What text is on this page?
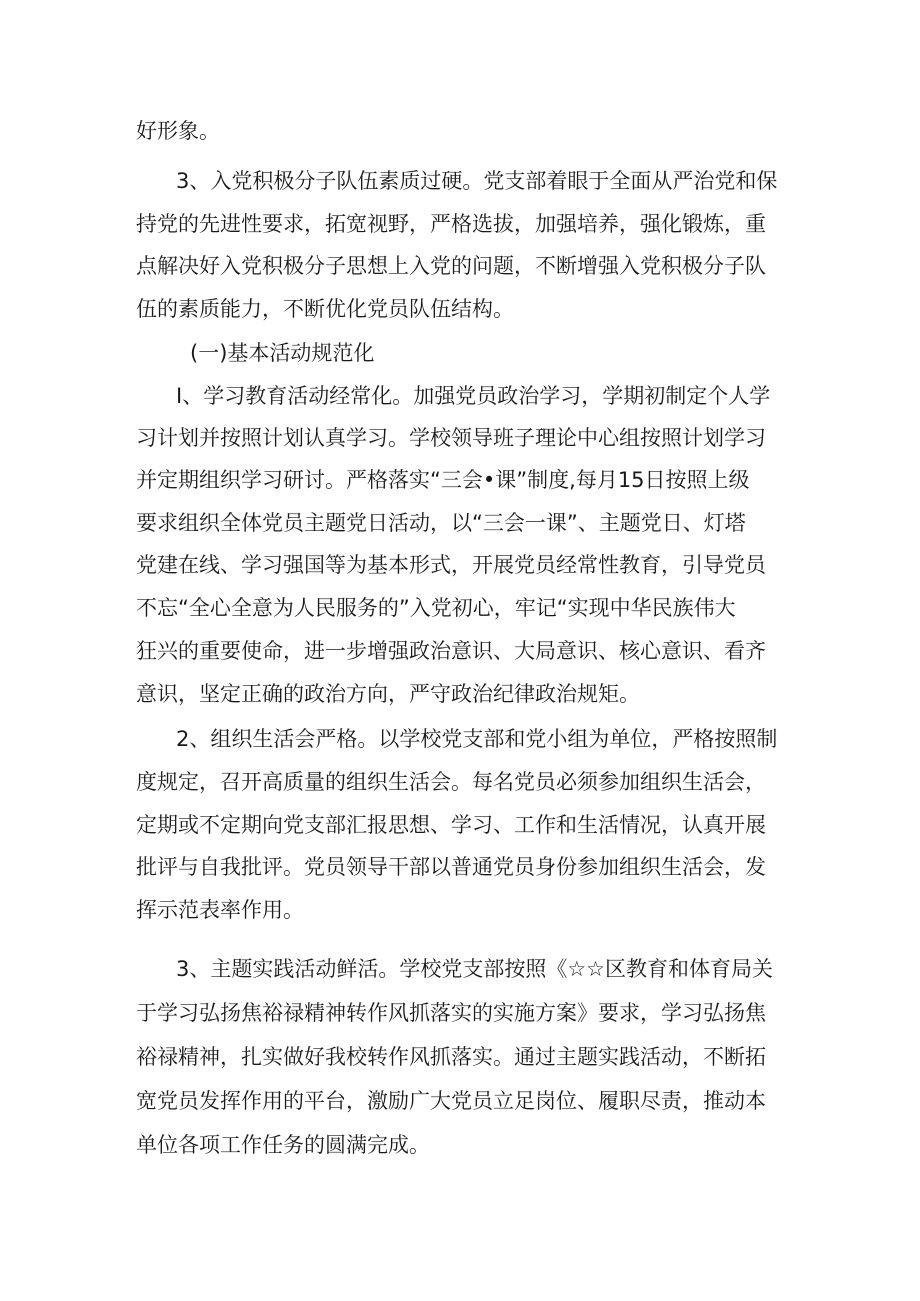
好形象。
3、入党积极分子队伍素质过硬。党支部着眼于全面从严治党和保
持党的先进性要求，拓宽视野，严格选拔，加强培养，强化锻炼，重
点解决好入党积极分子思想上入党的问题，不断增强入党积极分子队
伍的素质能力，不断优化党员队伍结构。
(一)基本活动规范化
I、学习教育活动经常化。加强党员政治学习，学期初制定个人学
习计划并按照计划认真学习。学校领导班子理论中心组按照计划学习
并定期组织学习研讨。严格落实“三会•课”制度,每月15日按照上级
要求组织全体党员主题党日活动，以“三会一课”、主题党日、灯塔
党建在线、学习强国等为基本形式，开展党员经常性教育，引导党员
不忘“全心全意为人民服务的”入党初心，牢记“实现中华民族伟大
狂兴的重要使命，进一步增强政治意识、大局意识、核心意识、看齐
意识，坚定正确的政治方向，严守政治纪律政治规矩。
2、组织生活会严格。以学校党支部和党小组为单位，严格按照制
度规定，召开高质量的组织生活会。每名党员必须参加组织生活会，
定期或不定期向党支部汇报思想、学习、工作和生活情况，认真开展
批评与自我批评。党员领导干部以普通党员身份参加组织生活会，发
挥示范表率作用。
3、主题实践活动鲜活。学校党支部按照《☆☆区教育和体育局关
于学习弘扬焦裕禄精神转作风抓落实的实施方案》要求，学习弘扬焦
裕禄精神，扎实做好我校转作风抓落实。通过主题实践活动，不断拓
宽党员发挥作用的平台，激励广大党员立足岗位、履职尽责，推动本
单位各项工作任务的圆满完成。
